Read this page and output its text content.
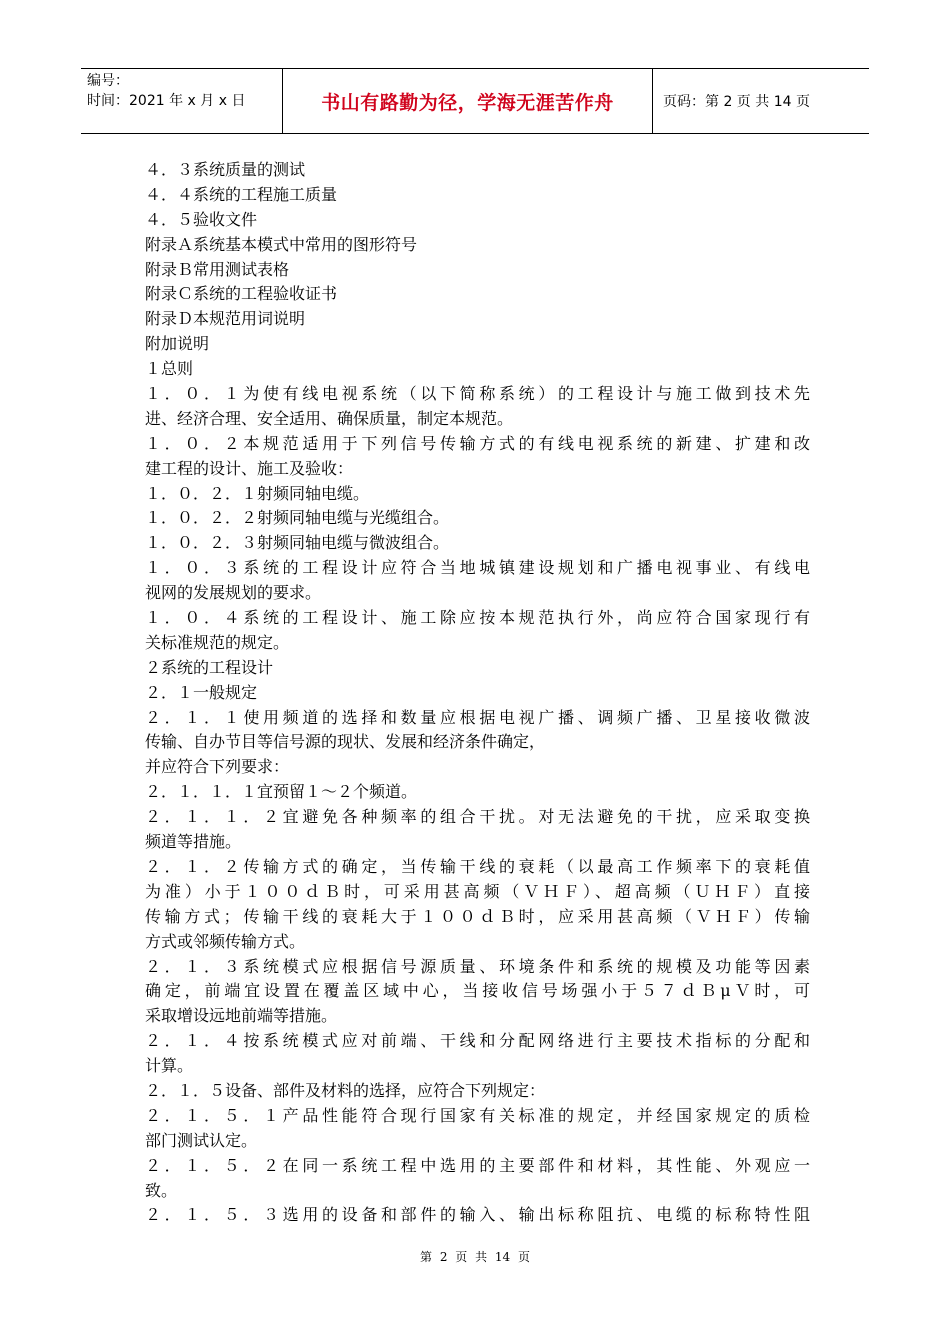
编号：
时间：2021 年 x 月 x 日	书山有路勤为径，学海无涯苦作舟	页码：第 2 页 共 14 页
４．３系统质量的测试
４．４系统的工程施工质量
４．５验收文件
附录Ａ系统基本模式中常用的图形符号
附录Ｂ常用测试表格
附录Ｃ系统的工程验收证书
附录Ｄ本规范用词说明
附加说明
１总则
１．０．１为使有线电视系统（以下简称系统）的工程设计与施工做到技术先
进、经济合理、安全适用、确保质量，制定本规范。
１．０．２本规范适用于下列信号传输方式的有线电视系统的新建、扩建和改
建工程的设计、施工及验收：
１．０．２．１射频同轴电缆。
１．０．２．２射频同轴电缆与光缆组合。
１．０．２．３射频同轴电缆与微波组合。
１．０．３系统的工程设计应符合当地城镇建设规划和广播电视事业、有线电
视网的发展规划的要求。
１．０．４系统的工程设计、施工除应按本规范执行外，尚应符合国家现行有
关标准规范的规定。
２系统的工程设计
２．１一般规定
２．１．１使用频道的选择和数量应根据电视广播、调频广播、卫星接收微波
传输、自办节目等信号源的现状、发展和经济条件确定，
并应符合下列要求：
２．１．１．１宜预留１～２个频道。
２．１．１．２宜避免各种频率的组合干扰。对无法避免的干扰，应采取变换
频道等措施。
２．１．２传输方式的确定，当传输干线的衰耗（以最高工作频率下的衰耗值
为准）小于１００ｄＢ时，可采用甚高频（ＶＨＦ）、超高频（ＵＨＦ）直接
传输方式；传输干线的衰耗大于１００ｄＢ时，应采用甚高频（ＶＨＦ）传输
方式或邻频传输方式。
２．１．３系统模式应根据信号源质量、环境条件和系统的规模及功能等因素
确定，前端宜设置在覆盖区域中心，当接收信号场强小于５７ｄＢμＶ时，可
采取增设远地前端等措施。
２．１．４按系统模式应对前端、干线和分配网络进行主要技术指标的分配和
计算。
２．１．５设备、部件及材料的选择，应符合下列规定：
２．１．５．１产品性能符合现行国家有关标准的规定，并经国家规定的质检
部门测试认定。
２．１．５．２在同一系统工程中选用的主要部件和材料，其性能、外观应一
致。
２．１．５．３选用的设备和部件的输入、输出标称阻抗、电缆的标称特性阻
第 2 页 共 14 页
